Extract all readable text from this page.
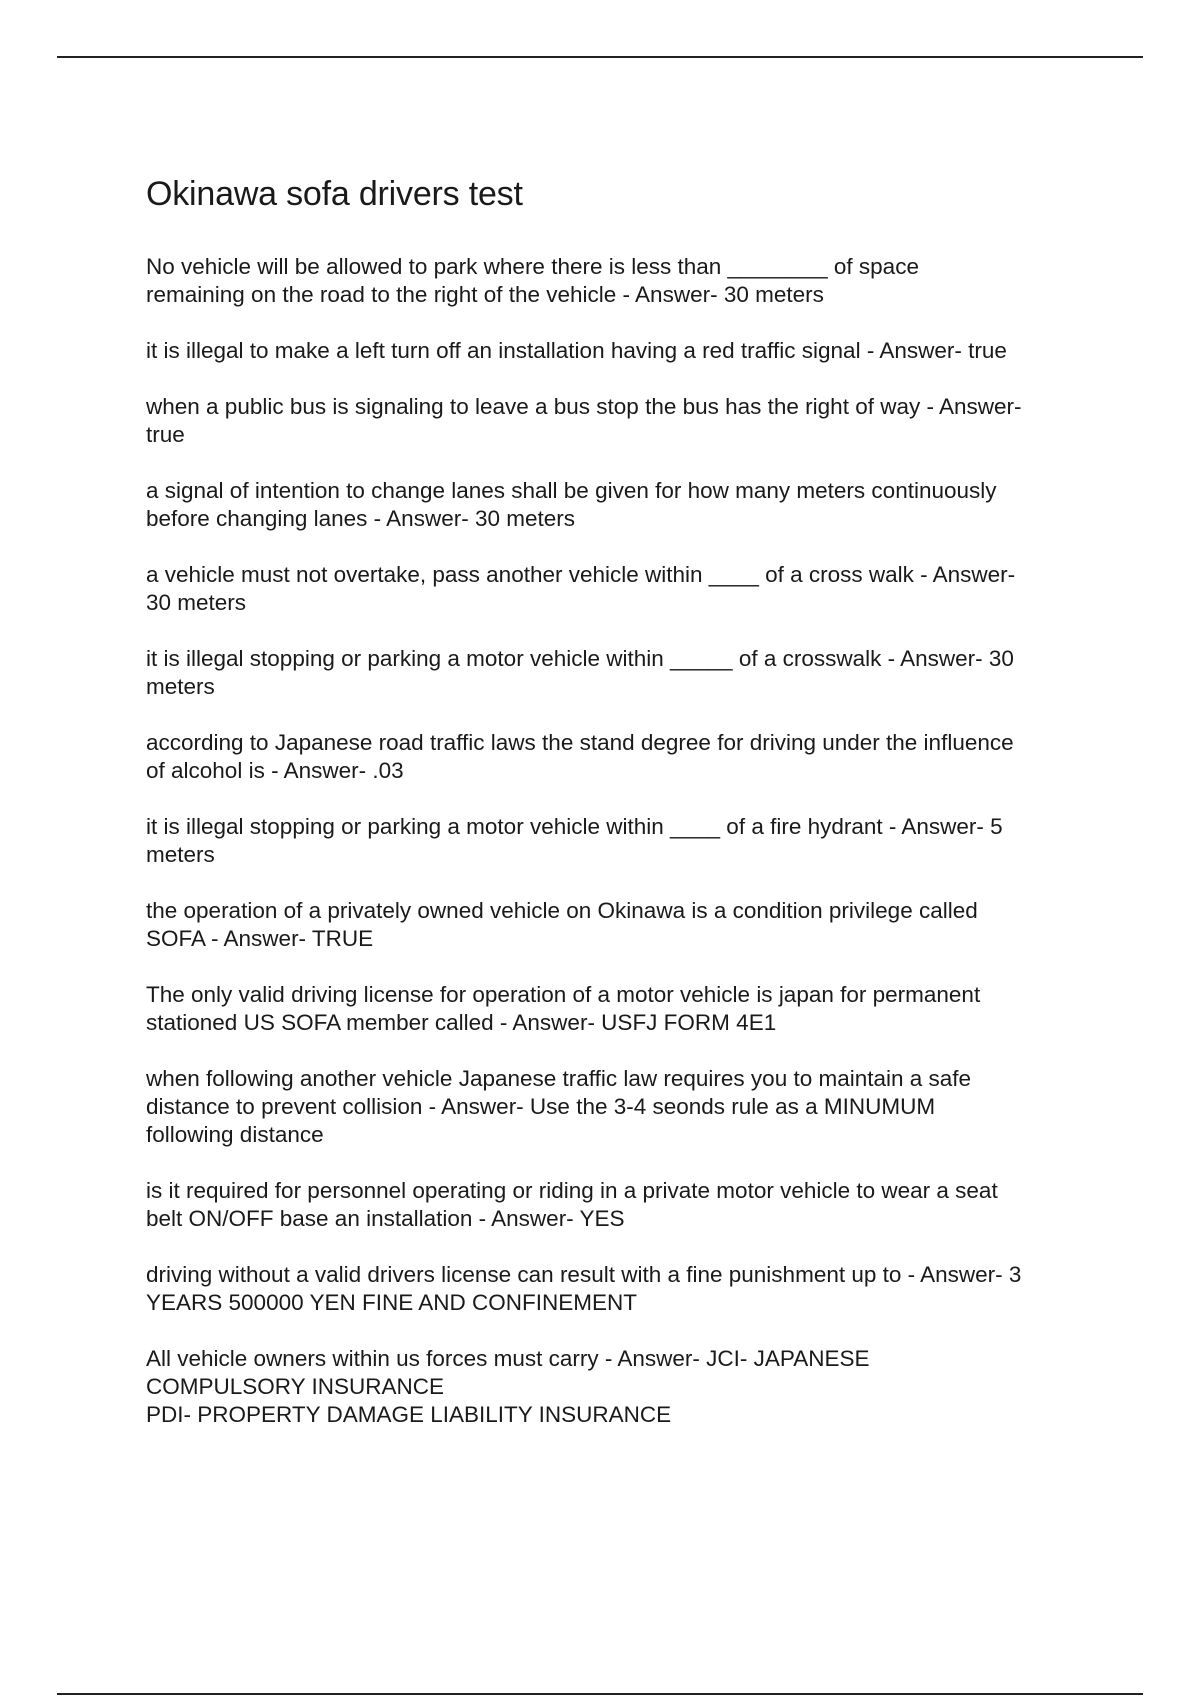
Okinawa sofa drivers test

No vehicle will be allowed to park where there is less than ________ of space
remaining on the road to the right of the vehicle - Answer- 30 meters

it is illegal to make a left turn off an installation having a red traffic signal - Answer- true

when a public bus is signaling to leave a bus stop the bus has the right of way - Answer-
true

a signal of intention to change lanes shall be given for how many meters continuously
before changing lanes - Answer- 30 meters

a vehicle must not overtake, pass another vehicle within ____ of a cross walk - Answer-
30 meters

it is illegal stopping or parking a motor vehicle within _____ of a crosswalk - Answer- 30
meters

according to Japanese road traffic laws the stand degree for driving under the influence
of alcohol is - Answer- .03

it is illegal stopping or parking a motor vehicle within ____ of a fire hydrant - Answer- 5
meters

the operation of a privately owned vehicle on Okinawa is a condition privilege called
SOFA - Answer- TRUE

The only valid driving license for operation of a motor vehicle is japan for permanent
stationed US SOFA member called - Answer- USFJ FORM 4E1

when following another vehicle Japanese traffic law requires you to maintain a safe
distance to prevent collision - Answer- Use the 3-4 seonds rule as a MINUMUM
following distance

is it required for personnel operating or riding in a private motor vehicle to wear a seat
belt ON/OFF base an installation - Answer- YES

driving without a valid drivers license can result with a fine punishment up to - Answer- 3
YEARS 500000 YEN FINE AND CONFINEMENT

All vehicle owners within us forces must carry - Answer- JCI- JAPANESE
COMPULSORY INSURANCE
PDI- PROPERTY DAMAGE LIABILITY INSURANCE
